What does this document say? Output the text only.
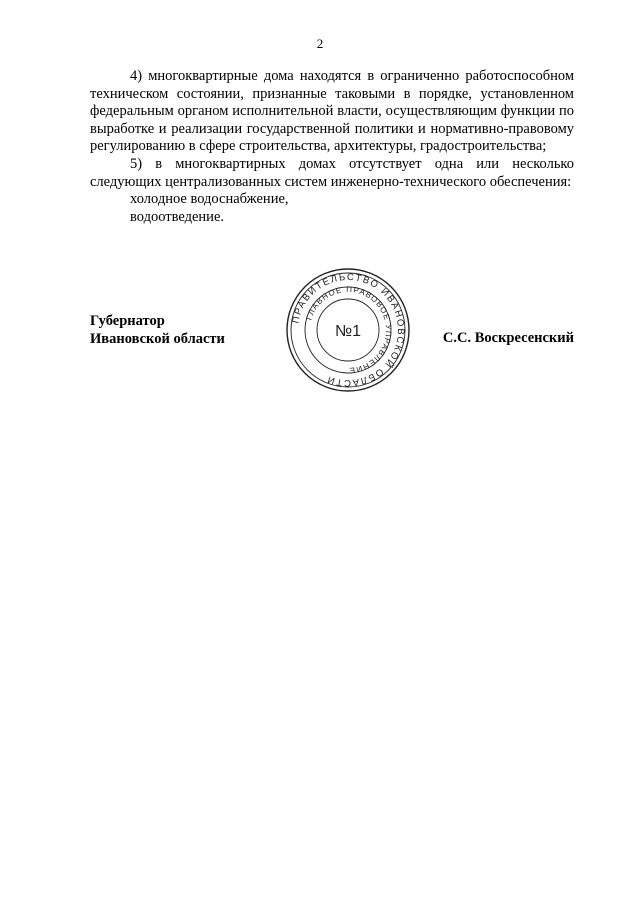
2

4) многоквартирные дома находятся в ограниченно работоспособном техническом состоянии, признанные таковыми в порядке, установленном федеральным органом исполнительной власти, осуществляющим функции по выработке и реализации государственной политики и нормативно-правовому регулированию в сфере строительства, архитектуры, градостроительства;

5) в многоквартирных домах отсутствует одна или несколько следующих централизованных систем инженерно-технического обеспечения:

холодное водоснабжение,

водоотведение.

Губернатор
Ивановской области
ПРАВИТЕЛЬСТВО ИВАНОВСКОЙ ОБЛАСТИ
ГЛАВНОЕ ПРАВОВОЕ УПРАВЛЕНИЕ
№1	С.С. Воскресенский
